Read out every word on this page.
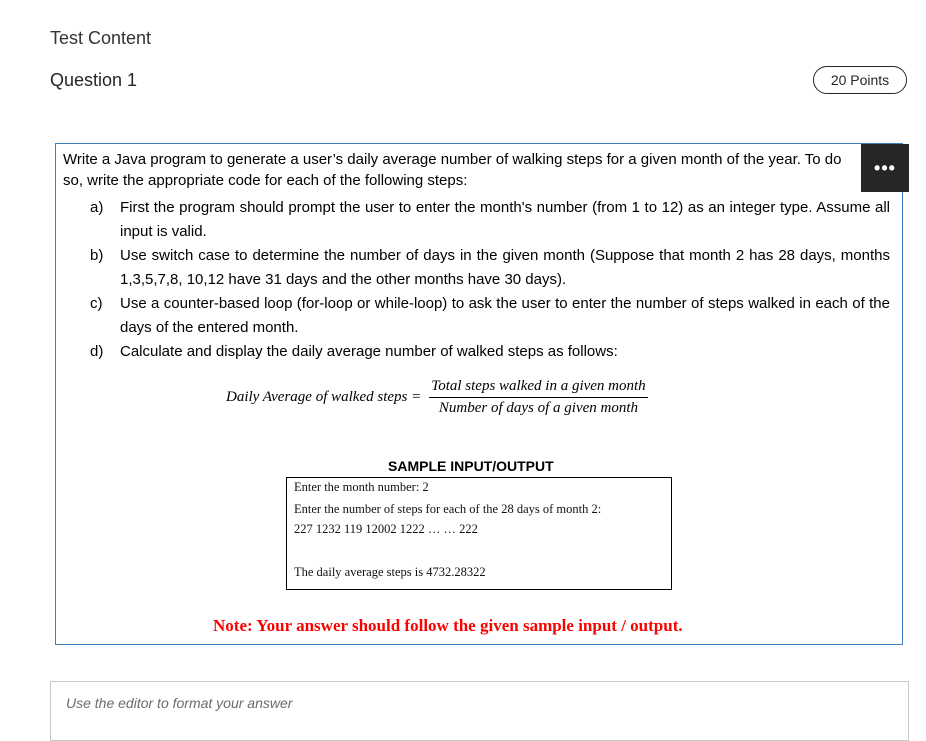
Test Content
Question 1	20 Points
•••
Write a Java program to generate a user’s daily average number of walking steps for a given month of the year. To do so, write the appropriate code for each of the following steps:
a)	First the program should prompt the user to enter the month's number (from 1 to 12) as an integer type. Assume all input is valid.
b)	Use switch case to determine the number of days in the given month (Suppose that month 2 has 28 days, months 1,3,5,7,8, 10,12 have 31 days and the other months have 30 days).
c)	Use a counter-based loop (for-loop or while-loop) to ask the user to enter the number of steps walked in each of the days of the entered month.
d)	Calculate and display the daily average number of walked steps as follows:
Daily Average of walked steps = $\frac{\text{Total steps walked in a given month}}{\text{Number of days of a given month}}$
SAMPLE INPUT/OUTPUT
Enter the month number: 2
Enter the number of steps for each of the 28 days of month 2:
227 1232 119 12002 1222 … … 222
The daily average steps is 4732.28322
Note: Your answer should follow the given sample input / output.
Use the editor to format your answer
